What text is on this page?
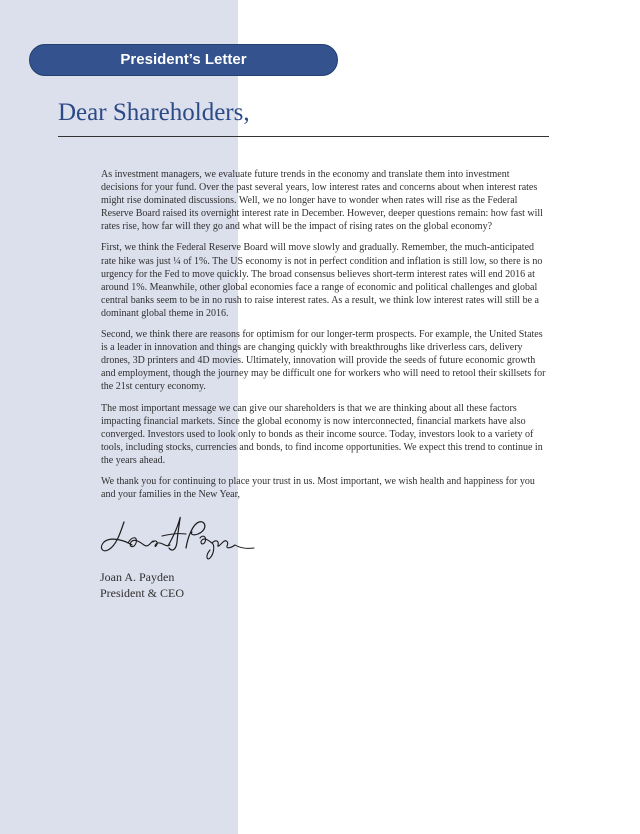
President’s Letter
Dear Shareholders,

As investment managers, we evaluate future trends in the economy and translate them into investment decisions for your fund. Over the past several years, low interest rates and concerns about when interest rates might rise dominated discussions. Well, we no longer have to wonder when rates will rise as the Federal Reserve Board raised its overnight interest rate in December. However, deeper questions remain: how fast will rates rise, how far will they go and what will be the impact of rising rates on the global economy?

First, we think the Federal Reserve Board will move slowly and gradually. Remember, the much-anticipated rate hike was just ¼ of 1%. The US economy is not in perfect condition and inflation is still low, so there is no urgency for the Fed to move quickly. The broad consensus believes short-term interest rates will end 2016 at around 1%. Meanwhile, other global economies face a range of economic and political challenges and global central banks seem to be in no rush to raise interest rates. As a result, we think low interest rates will still be a dominant global theme in 2016.

Second, we think there are reasons for optimism for our longer-term prospects. For example, the United States is a leader in innovation and things are changing quickly with breakthroughs like driverless cars, delivery drones, 3D printers and 4D movies. Ultimately, innovation will provide the seeds of future economic growth and employment, though the journey may be difficult one for workers who will need to retool their skillsets for the 21st century economy.

The most important message we can give our shareholders is that we are thinking about all these factors impacting financial markets. Since the global economy is now interconnected, financial markets have also converged. Investors used to look only to bonds as their income source. Today, investors look to a variety of tools, including stocks, currencies and bonds, to find income opportunities. We expect this trend to continue in the years ahead.

We thank you for continuing to place your trust in us. Most important, we wish health and happiness for you and your families in the New Year,

Joan A. Payden
President & CEO
